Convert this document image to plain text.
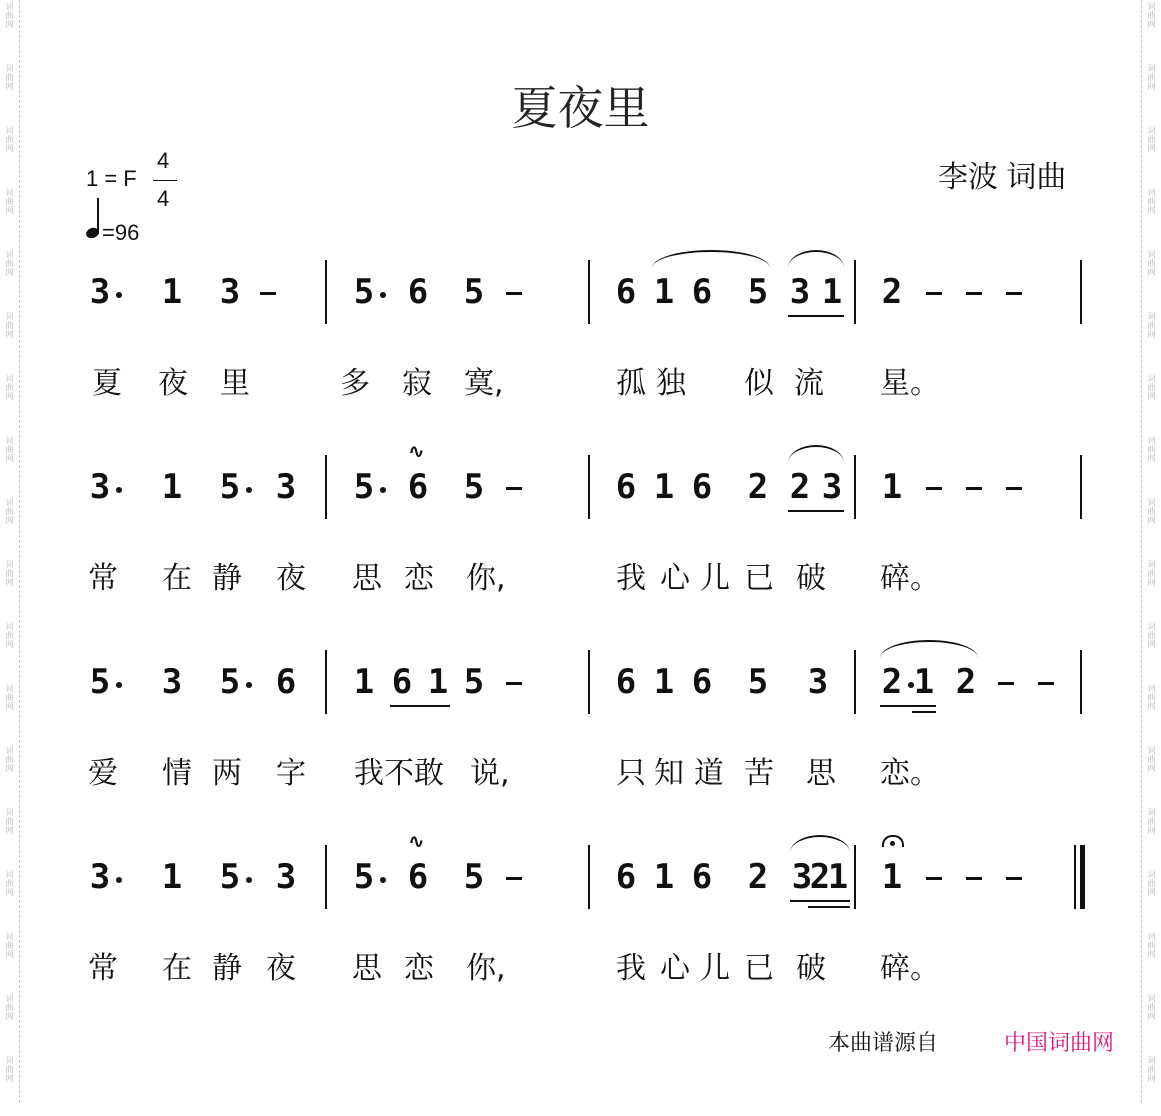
词曲网
词曲网
词曲网
词曲网
词曲网
词曲网
词曲网
词曲网
词曲网
词曲网
词曲网
词曲网
词曲网
词曲网
词曲网
词曲网
词曲网
词曲网
词曲网
词曲网
词曲网
词曲网
词曲网
词曲网
词曲网
词曲网
词曲网
词曲网
词曲网
词曲网
词曲网
词曲网
词曲网
词曲网
词曲网
词曲网
夏夜里
1 = F
4
4
=96
李波 词曲
3 1 3	5 6 5	6 1 6 5 3 1 2
夏 夜 里	多 寂 寞,	孤 独 似 流 星。
3 1 5 3 5 6 5	6 1 6 2 2 3 1
常 在 静 夜 思 恋 你,	我 心 儿 已 破 碎。
5 3 5 6 1 6 1 5	6 1 6 5 3 2 1 2
爱 情 两 字 我不敢 说,	只 知 道 苦 思 恋。
3 1 5 3 5 6 5	6 1 6 2 3
2
1 1
常 在 静 夜 思 恋 你,	我 心 儿 已 破 碎。
∿
∿
本曲谱源自	中国词曲网
